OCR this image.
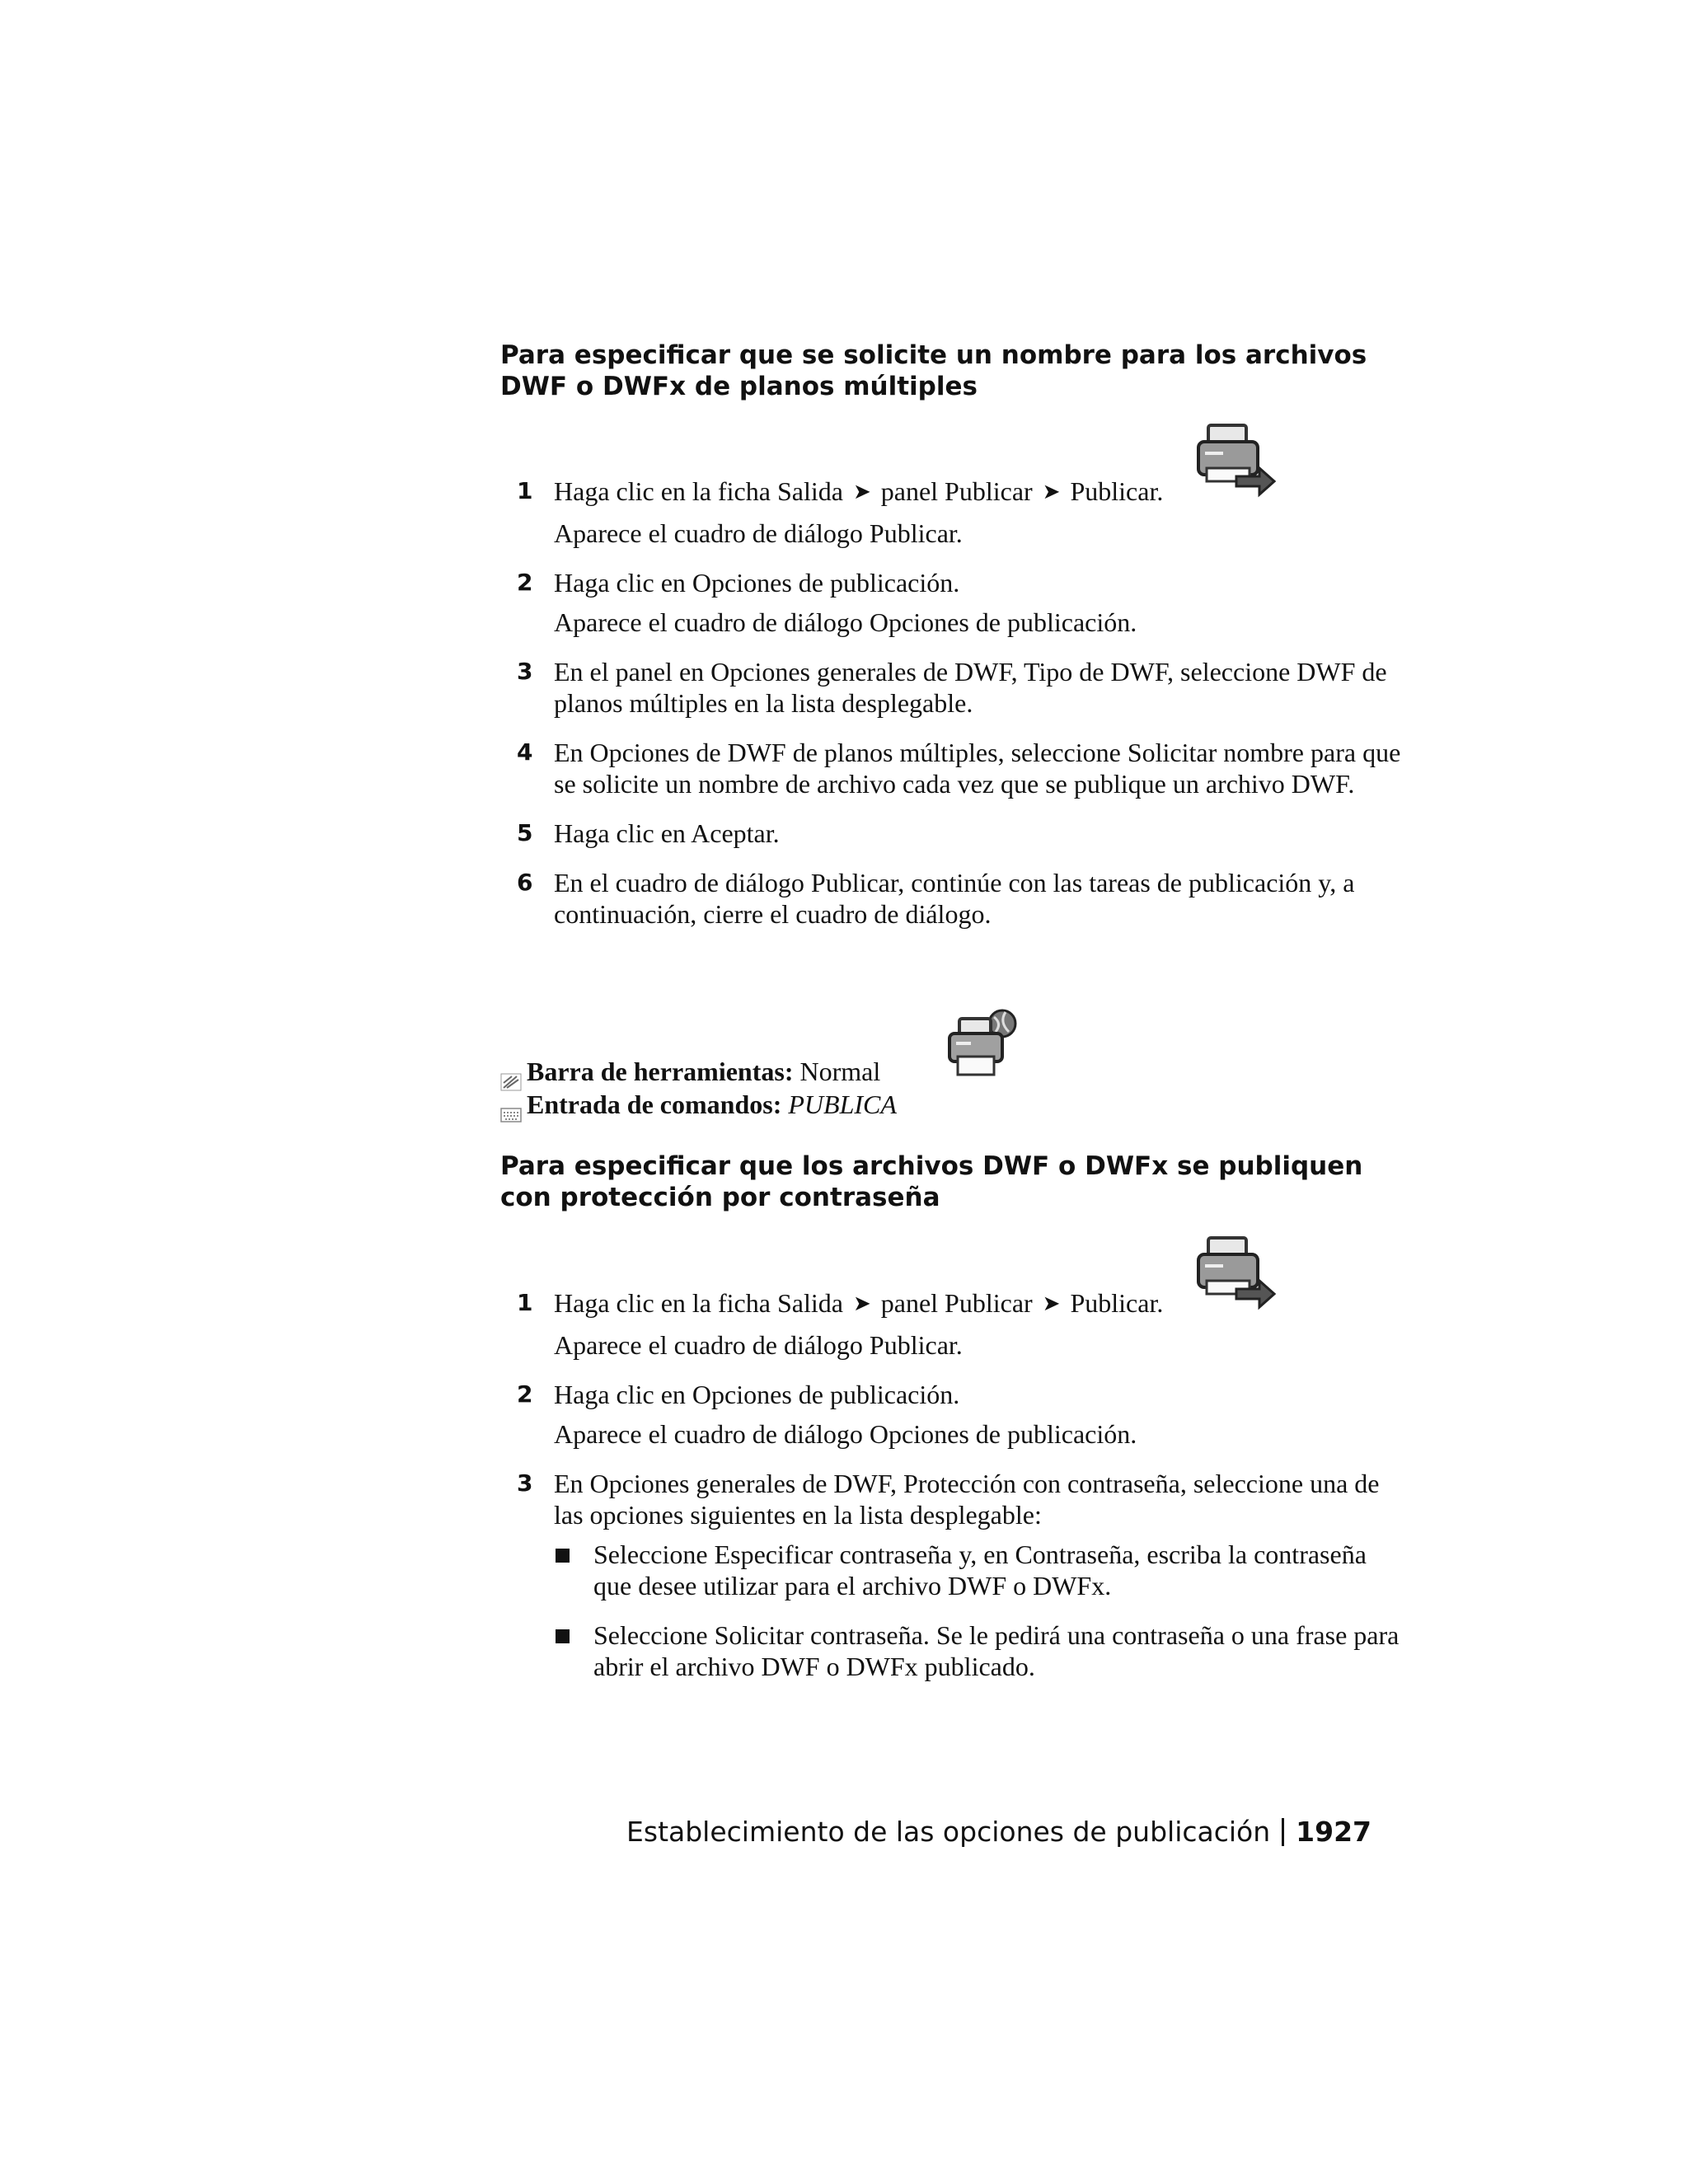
Para especificar que se solicite un nombre para los archivos DWF o DWFx de planos múltiples
1 Haga clic en la ficha Salida ➤ panel Publicar ➤ Publicar.
Aparece el cuadro de diálogo Publicar.
2 Haga clic en Opciones de publicación.
Aparece el cuadro de diálogo Opciones de publicación.
3 En el panel en Opciones generales de DWF, Tipo de DWF, seleccione DWF de planos múltiples en la lista desplegable.
4 En Opciones de DWF de planos múltiples, seleccione Solicitar nombre para que se solicite un nombre de archivo cada vez que se publique un archivo DWF.
5 Haga clic en Aceptar.
6 En el cuadro de diálogo Publicar, continúe con las tareas de publicación y, a continuación, cierre el cuadro de diálogo.
Barra de herramientas: Normal
Entrada de comandos: PUBLICA
Para especificar que los archivos DWF o DWFx se publiquen con protección por contraseña
1 Haga clic en la ficha Salida ➤ panel Publicar ➤ Publicar.
Aparece el cuadro de diálogo Publicar.
2 Haga clic en Opciones de publicación.
Aparece el cuadro de diálogo Opciones de publicación.
3 En Opciones generales de DWF, Protección con contraseña, seleccione una de las opciones siguientes en la lista desplegable:
Seleccione Especificar contraseña y, en Contraseña, escriba la contraseña que desee utilizar para el archivo DWF o DWFx.
Seleccione Solicitar contraseña. Se le pedirá una contraseña o una frase para abrir el archivo DWF o DWFx publicado.
Establecimiento de las opciones de publicación 1927
